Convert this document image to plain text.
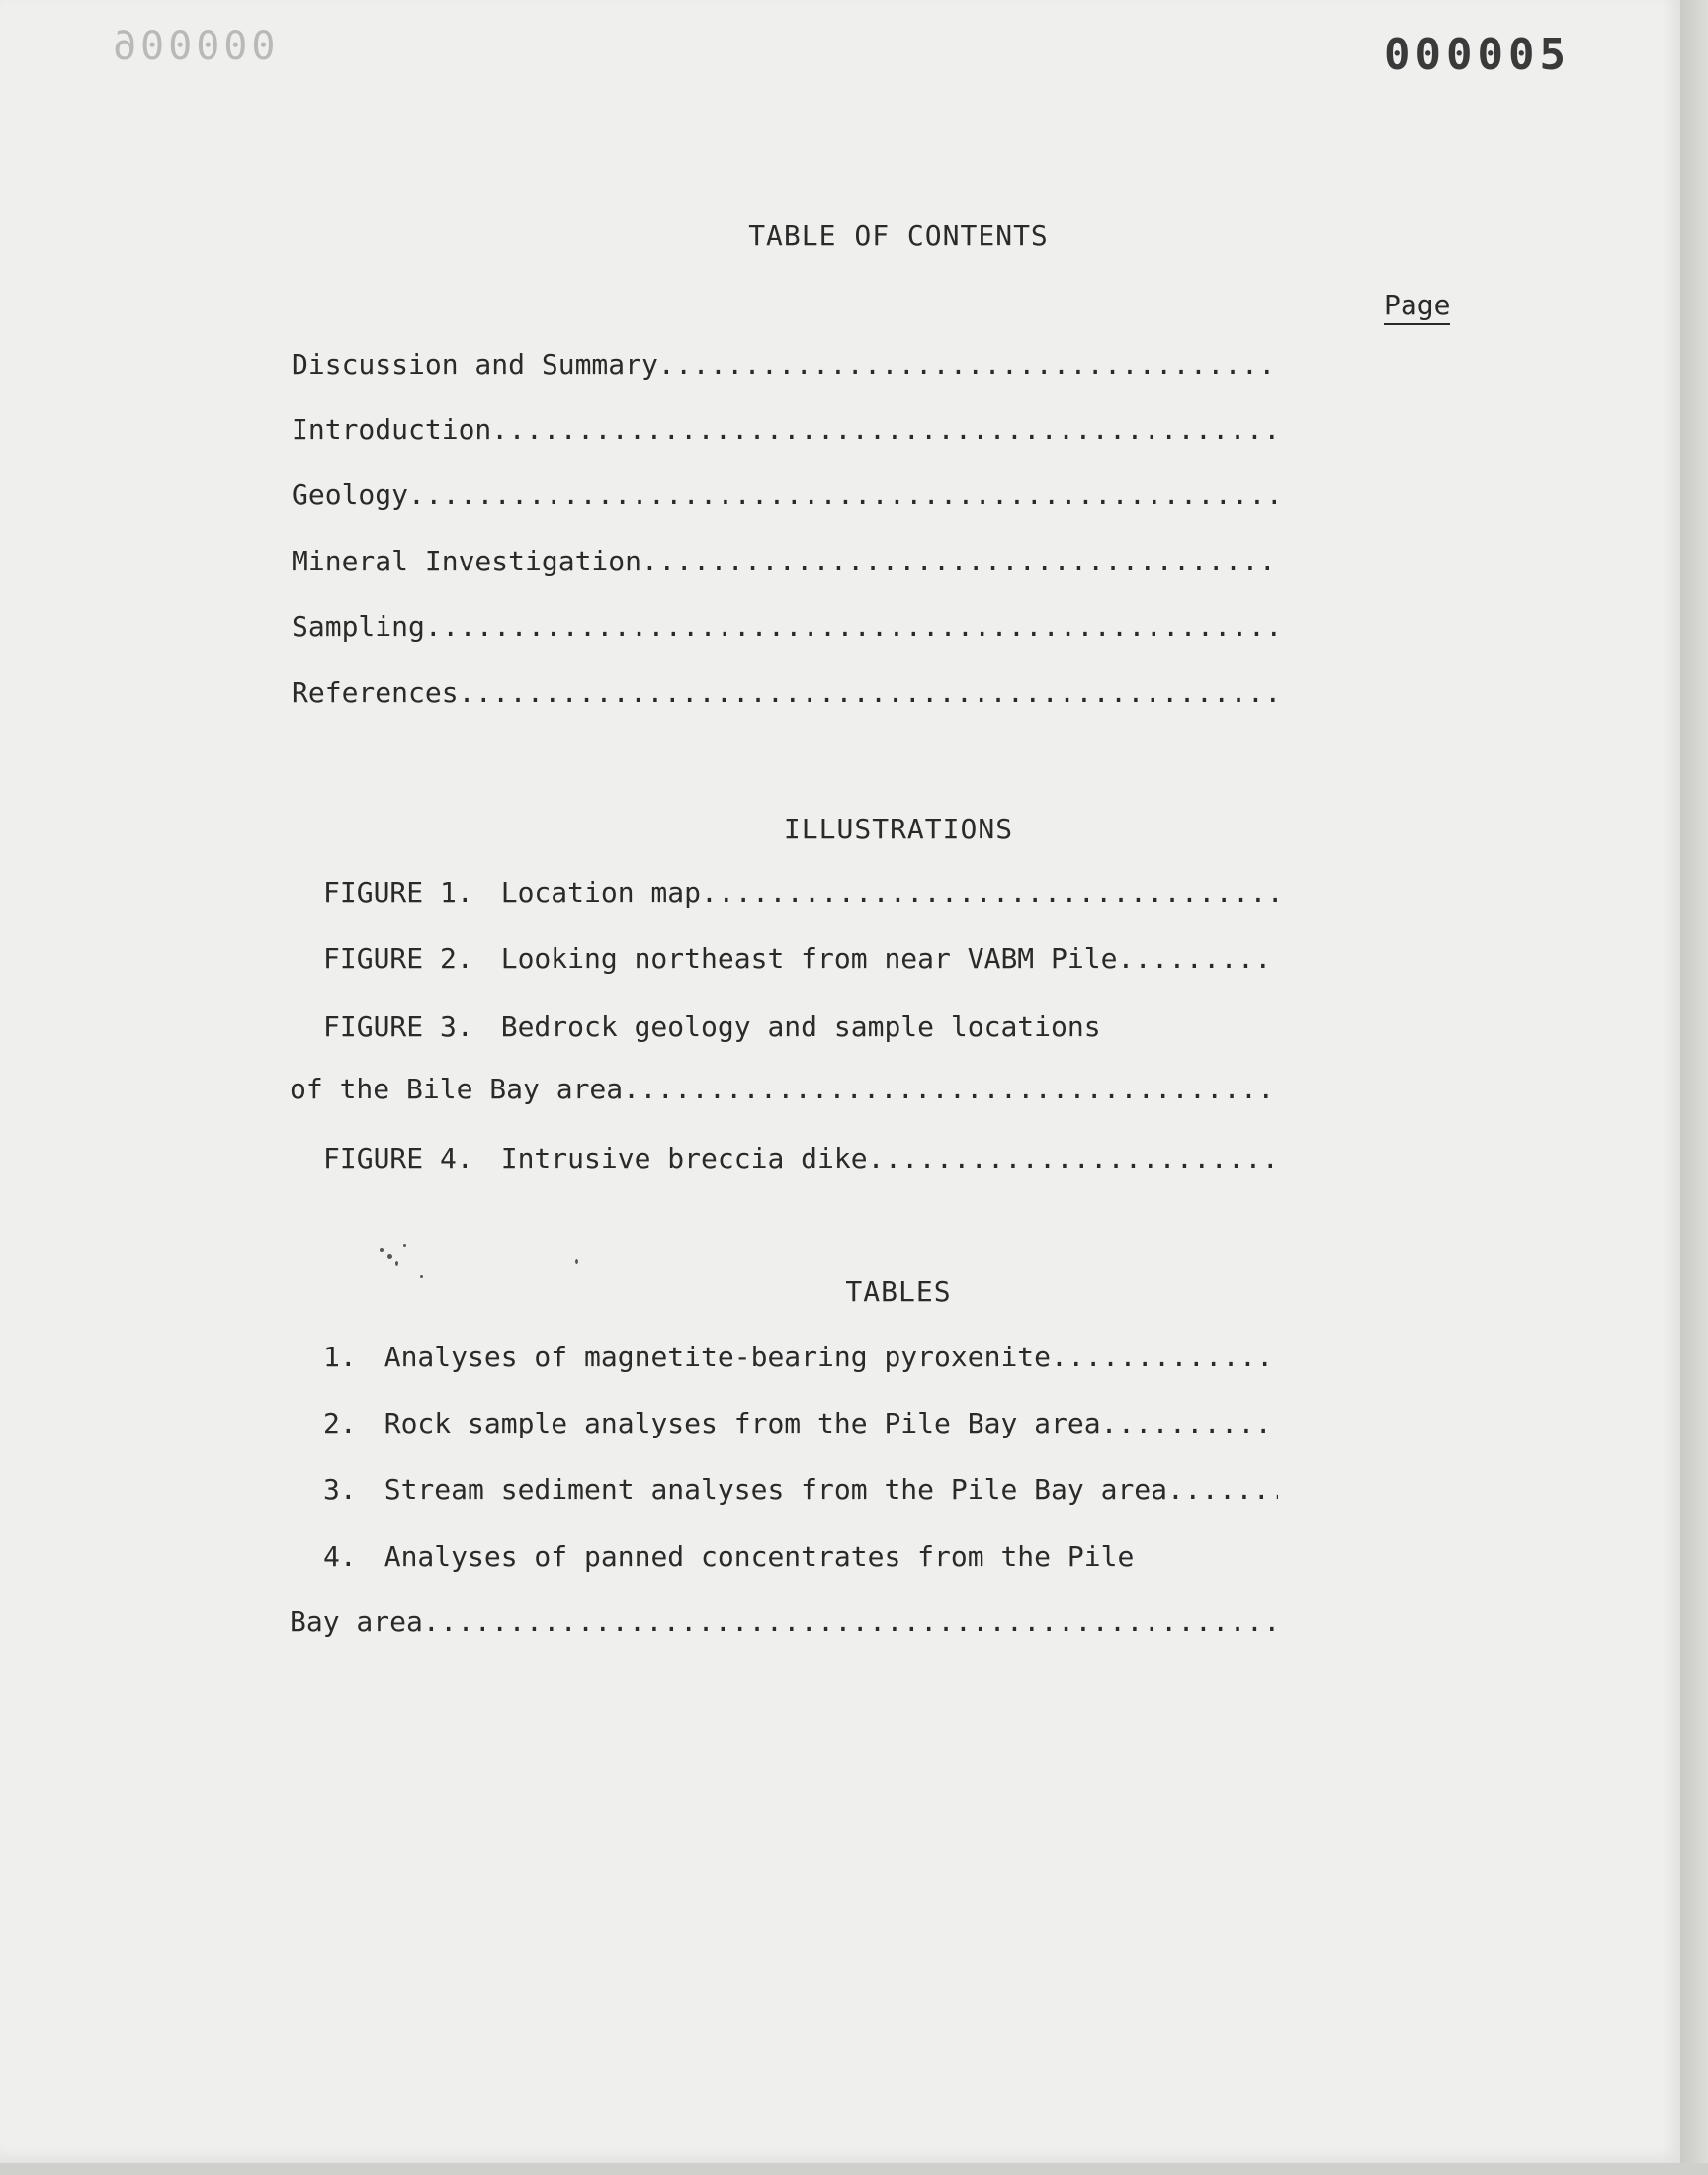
000006	000005
TABLE OF CONTENTS
Page
Discussion and Summary
.....
Introduction
.....
Geology
.....
Mineral Investigation
.....
Sampling
.....
References
.....
ILLUSTRATIONS
FIGURE 1. Location map
.....
FIGURE 2. Looking northeast from near VABM Pile
.....
FIGURE 3. Bedrock geology and sample locations
of the Bile Bay area
.....
FIGURE 4. Intrusive breccia dike
.....
TABLES
1. Analyses of magnetite-bearing pyroxenite
.....
2. Rock sample analyses from the Pile Bay area
.....
3. Stream sediment analyses from the Pile Bay area
.....
4. Analyses of panned concentrates from the Pile
Bay area
.....
